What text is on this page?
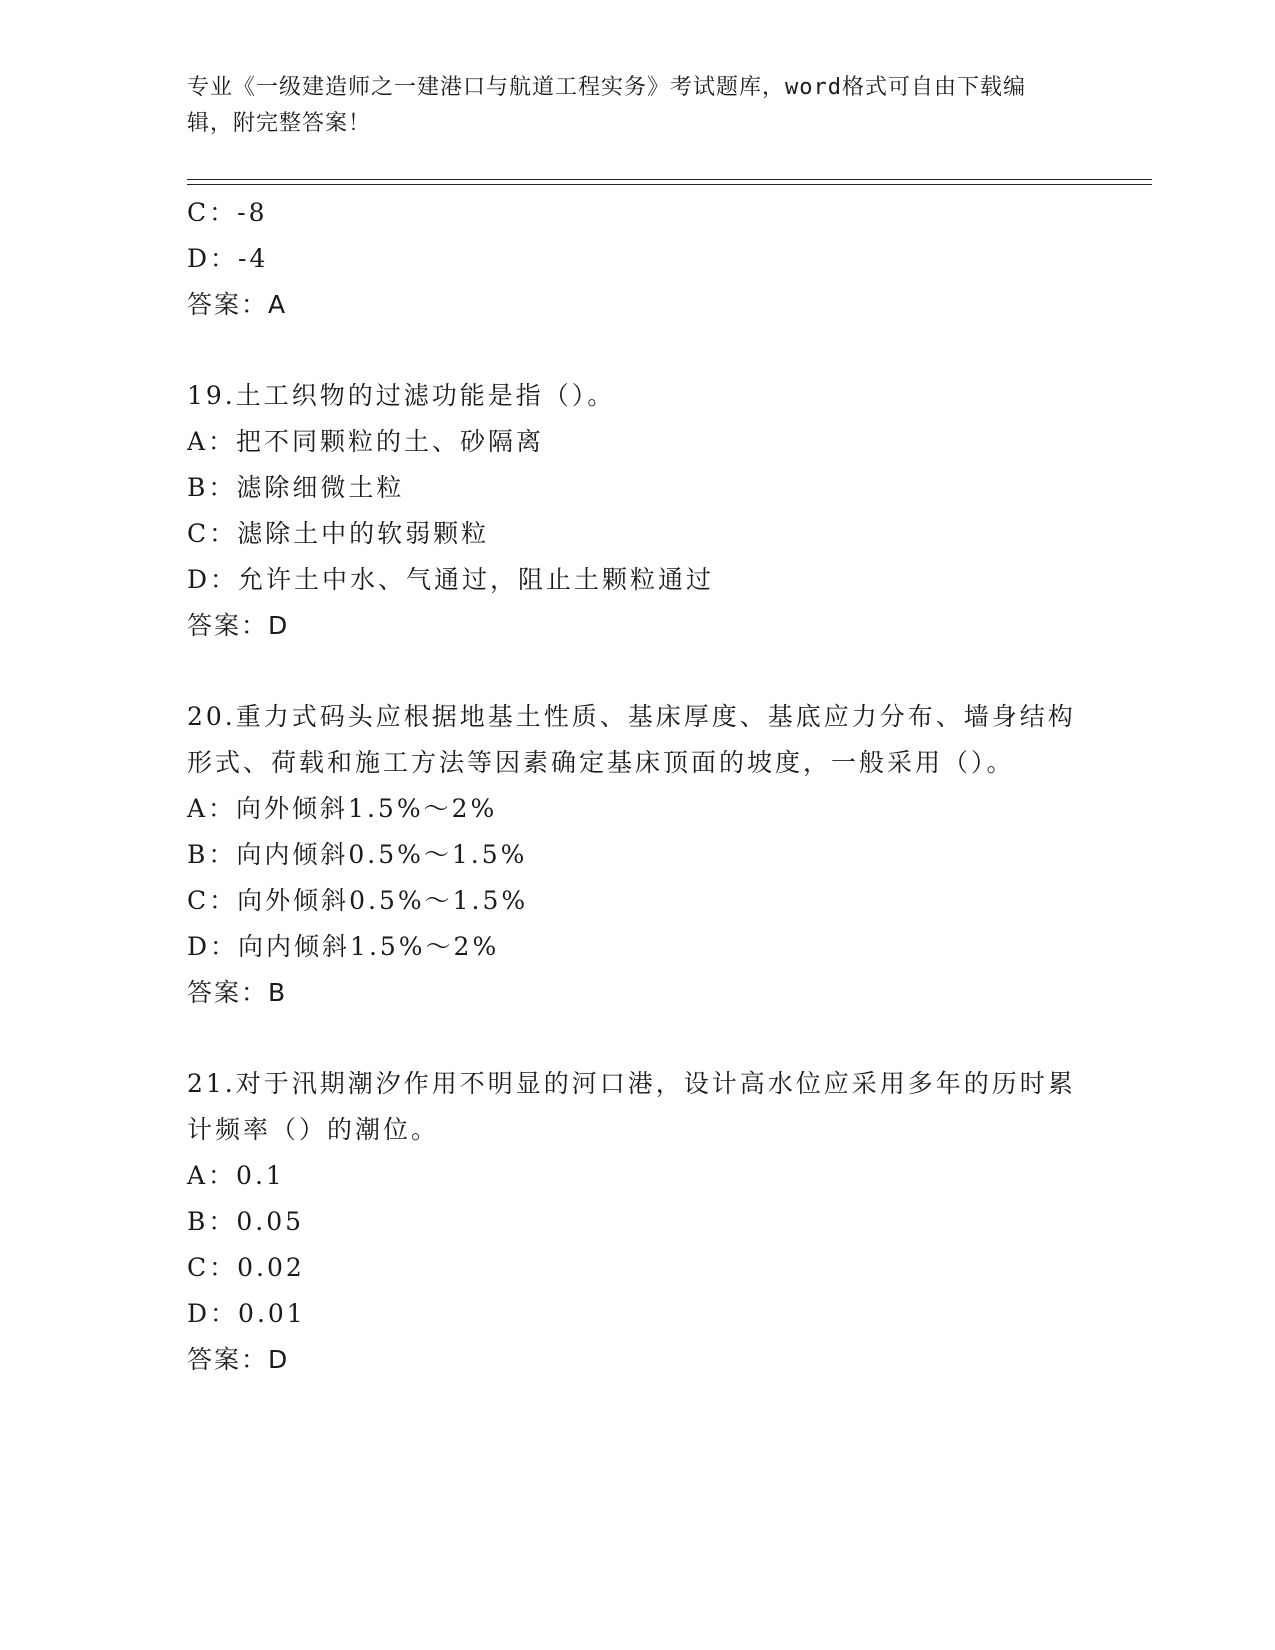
专业《一级建造师之一建港口与航道工程实务》考试题库，word格式可自由下载编辑，附完整答案！
C：-8
D：-4
答案：A
19.土工织物的过滤功能是指（）。
A：把不同颗粒的土、砂隔离
B：滤除细微土粒
C：滤除土中的软弱颗粒
D：允许土中水、气通过，阻止土颗粒通过
答案：D
20.重力式码头应根据地基土性质、基床厚度、基底应力分布、墙身结构形式、荷载和施工方法等因素确定基床顶面的坡度，一般采用（）。
A：向外倾斜1.5%～2%
B：向内倾斜0.5%～1.5%
C：向外倾斜0.5%～1.5%
D：向内倾斜1.5%～2%
答案：B
21.对于汛期潮汐作用不明显的河口港，设计高水位应采用多年的历时累计频率（）的潮位。
A：0.1
B：0.05
C：0.02
D：0.01
答案：D
